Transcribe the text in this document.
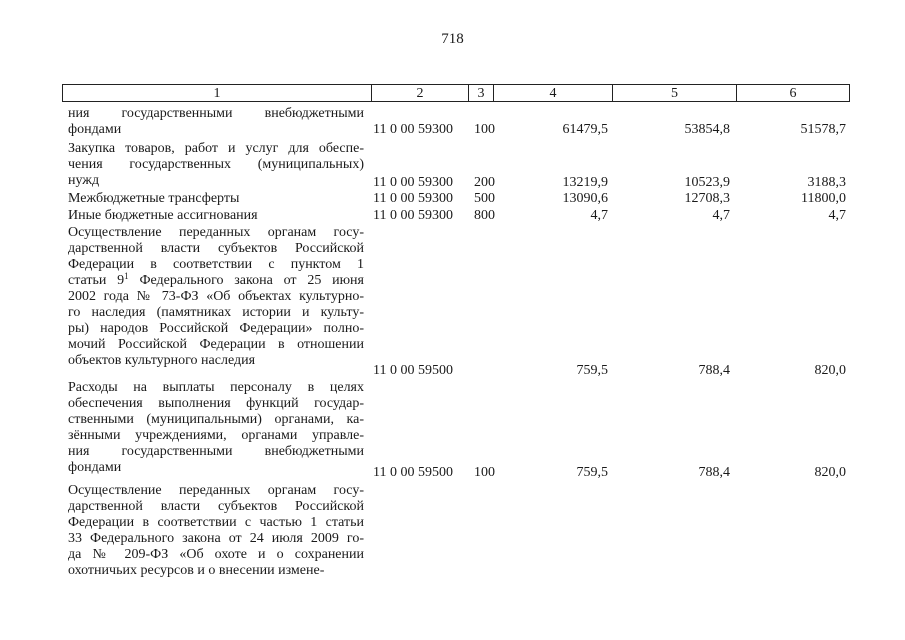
718
1	2	3	4	5	6
ния государственными внебюджетными
фондами	11 0 00 59300 100	61479,5	53854,8	51578,7
Закупка товаров, работ и услуг для обеспе-
чения государственных (муниципальных)
нужд	11 0 00 59300 200	13219,9	10523,9	3188,3
Межбюджетные трансферты	11 0 00 59300 500	13090,6	12708,3	11800,0
Иные бюджетные ассигнования	11 0 00 59300 800	4,7	4,7	4,7
Осуществление переданных органам госу-
дарственной власти субъектов Российской
Федерации в соответствии с пунктом 1
статьи $9^1$ Федерального закона от 25 июня
2002 года № 73-ФЗ «Об объектах культурно-
го наследия (памятниках истории и культу-
ры) народов Российской Федерации» полно-
мочий Российской Федерации в отношении
объектов культурного наследия
11 0 00 59500	759,5	788,4	820,0
Расходы на выплаты персоналу в целях
обеспечения выполнения функций государ-
ственными (муниципальными) органами, ка-
зёнными учреждениями, органами управле-
ния государственными внебюджетными
фондами	11 0 00 59500 100	759,5	788,4	820,0
Осуществление переданных органам госу-
дарственной власти субъектов Российской
Федерации в соответствии с частью 1 статьи
33 Федерального закона от 24 июля 2009 го-
да № 209-ФЗ «Об охоте и о сохранении
охотничьих ресурсов и о внесении измене-
